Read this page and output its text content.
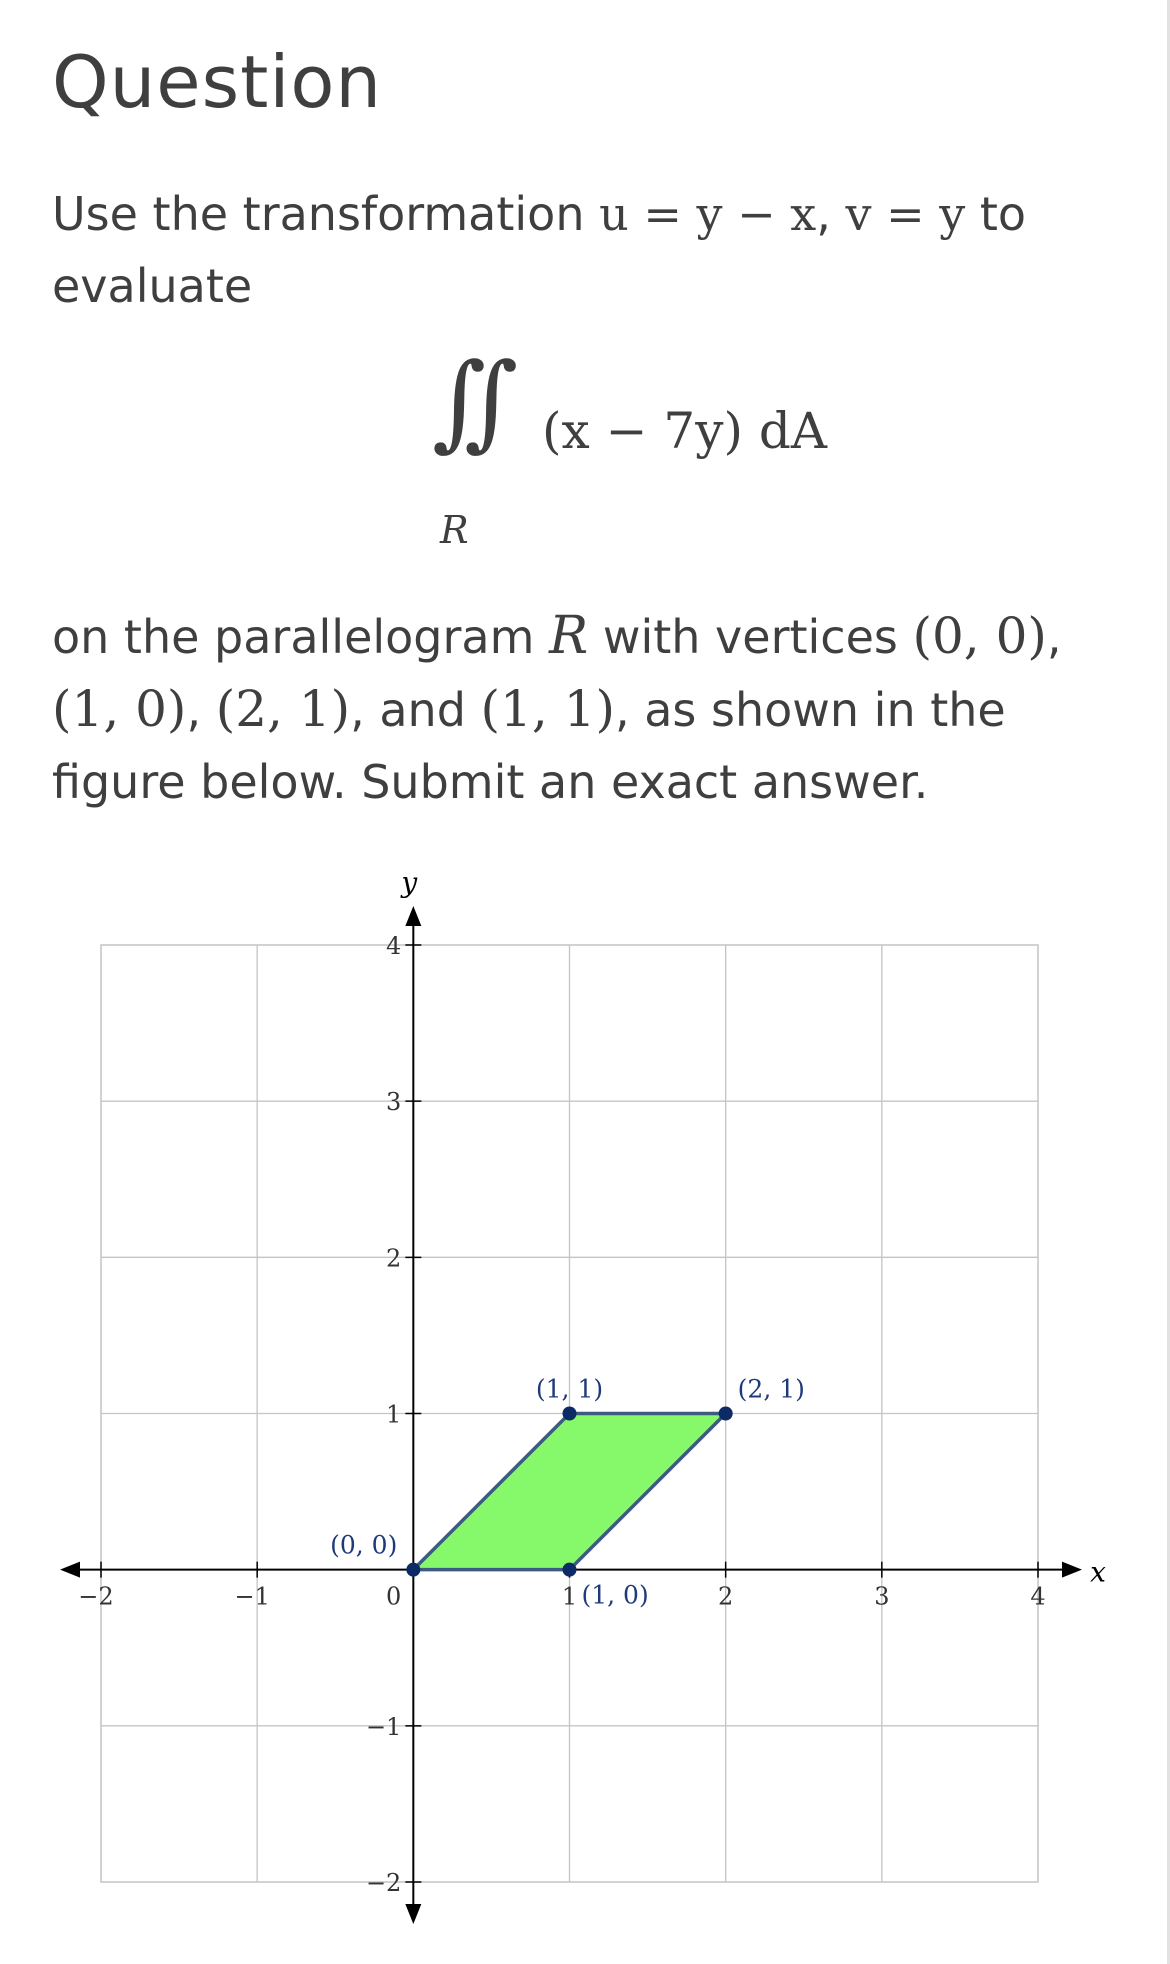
Question
Use the transformation u = y − x, v = y to evaluate
∫∫ (x − 7y) dA
R
on the parallelogram R with vertices (0, 0), (1, 0), (2, 1), and (1, 1), as shown in the figure below. Submit an exact answer.
x
y
−2	−1	1	2	3	4
−2
−1
1
2
3
4
0
(0, 0)
(1, 0)
(2, 1)
(1, 1)
